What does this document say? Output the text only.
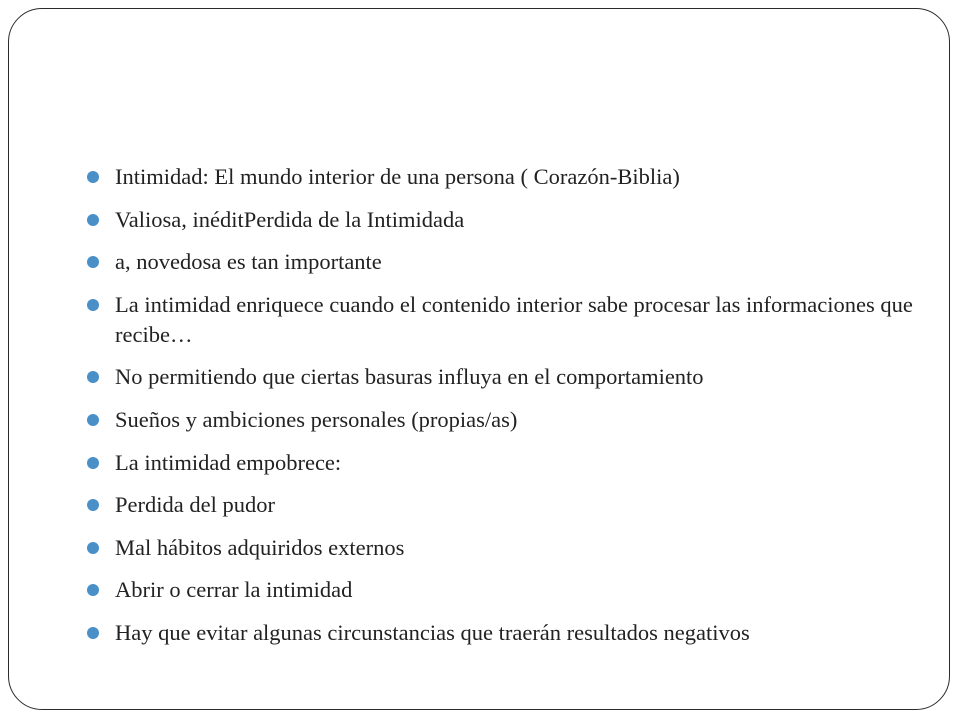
Intimidad: El mundo interior de una persona ( Corazón-Biblia)
Valiosa, inéditPerdida de la Intimidada
a, novedosa es tan importante
La intimidad enriquece cuando el contenido interior sabe procesar las informaciones que recibe…
No permitiendo que ciertas basuras influya en el comportamiento
Sueños y ambiciones personales (propias/as)
La intimidad empobrece:
Perdida del pudor
Mal hábitos adquiridos externos
Abrir o cerrar la intimidad
Hay que evitar algunas circunstancias que traerán resultados negativos
